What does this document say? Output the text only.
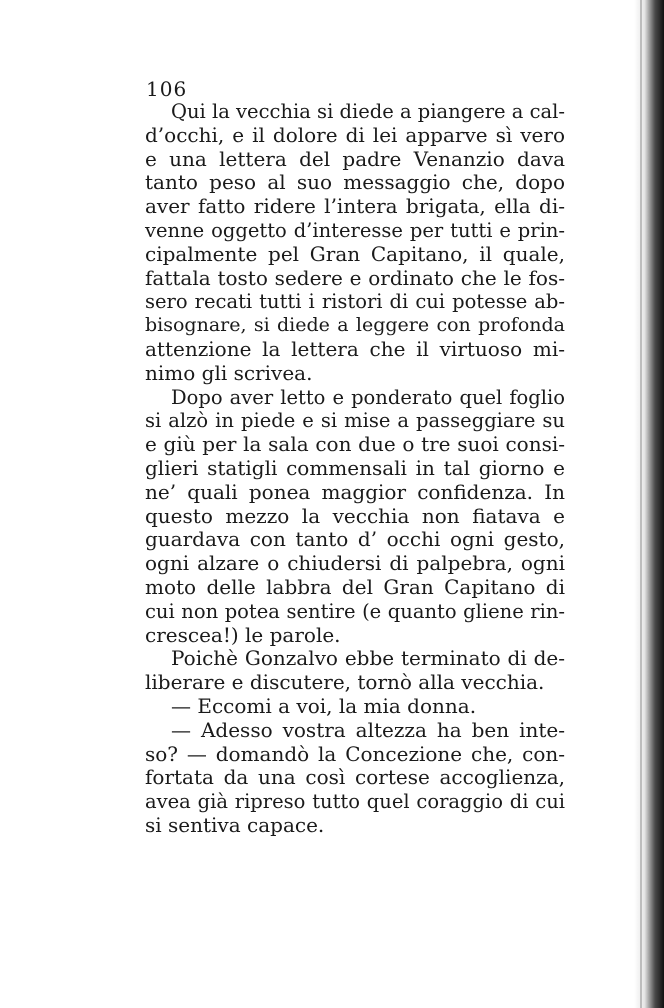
106
Qui la vecchia si diede a piangere a cal-
d’occhi, e il dolore di lei apparve sì vero
e una lettera del padre Venanzio dava
tanto peso al suo messaggio che, dopo
aver fatto ridere l’intera brigata, ella di-
venne oggetto d’interesse per tutti e prin-
cipalmente pel Gran Capitano, il quale,
fattala tosto sedere e ordinato che le fos-
sero recati tutti i ristori di cui potesse ab-
bisognare, si diede a leggere con profonda
attenzione la lettera che il virtuoso mi-
nimo gli scrivea.
Dopo aver letto e ponderato quel foglio
si alzò in piede e si mise a passeggiare su
e giù per la sala con due o tre suoi consi-
glieri statigli commensali in tal giorno e
ne’ quali ponea maggior confidenza. In
questo mezzo la vecchia non fiatava e
guardava con tanto d’ occhi ogni gesto,
ogni alzare o chiudersi di palpebra, ogni
moto delle labbra del Gran Capitano di
cui non potea sentire (e quanto gliene rin-
crescea!) le parole.
Poichè Gonzalvo ebbe terminato di de-
liberare e discutere, tornò alla vecchia.
— Eccomi a voi, la mia donna.
— Adesso vostra altezza ha ben inte-
so? — domandò la Concezione che, con-
fortata da una così cortese accoglienza,
avea già ripreso tutto quel coraggio di cui
si sentiva capace.
